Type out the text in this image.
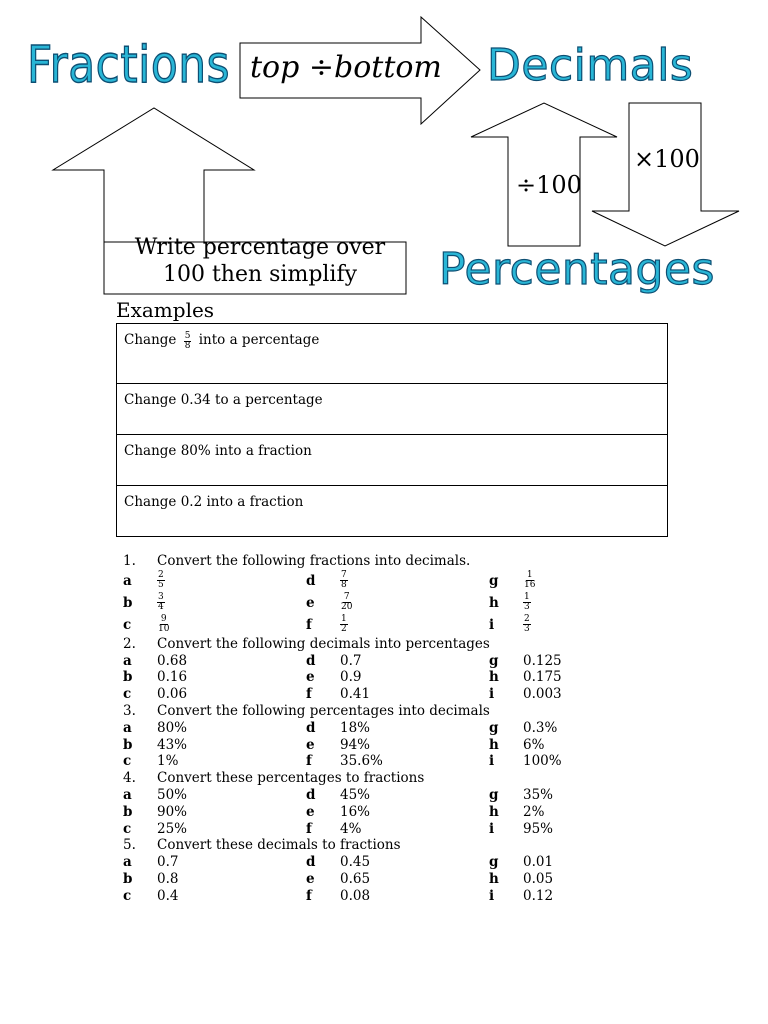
Fractions	Decimals
Percentages
top ÷bottom
÷100
×100
Write percentage over
100 then simplify
Examples
Change $\frac{5}{8}$ into a percentage
Change 0.34 to a percentage
Change 80% into a fraction
Change 0.2 into a fraction
1. Convert the following fractions into decimals.
a	$\frac{2}{5}$	d	$\frac{7}{8}$	g	$\frac{1}{16}$
b	$\frac{3}{4}$	e	$\frac{7}{20}$	h	$\frac{1}{3}$
c	$\frac{9}{10}$	f	$\frac{1}{2}$	i	$\frac{2}{3}$
2. Convert the following decimals into percentages
a 0.68	d 0.7	g 0.125
b 0.16	e 0.9	h 0.175
c 0.06	f 0.41	i 0.003
3. Convert the following percentages into decimals
a 80%	d 18%	g 0.3%
b 43%	e 94%	h 6%
c 1%	f 35.6%	i 100%
4. Convert these percentages to fractions
a 50%	d 45%	g 35%
b 90%	e 16%	h 2%
c 25%	f 4%	i 95%
5. Convert these decimals to fractions
a 0.7	d 0.45	g 0.01
b 0.8	e 0.65	h 0.05
c 0.4	f 0.08	i 0.12
